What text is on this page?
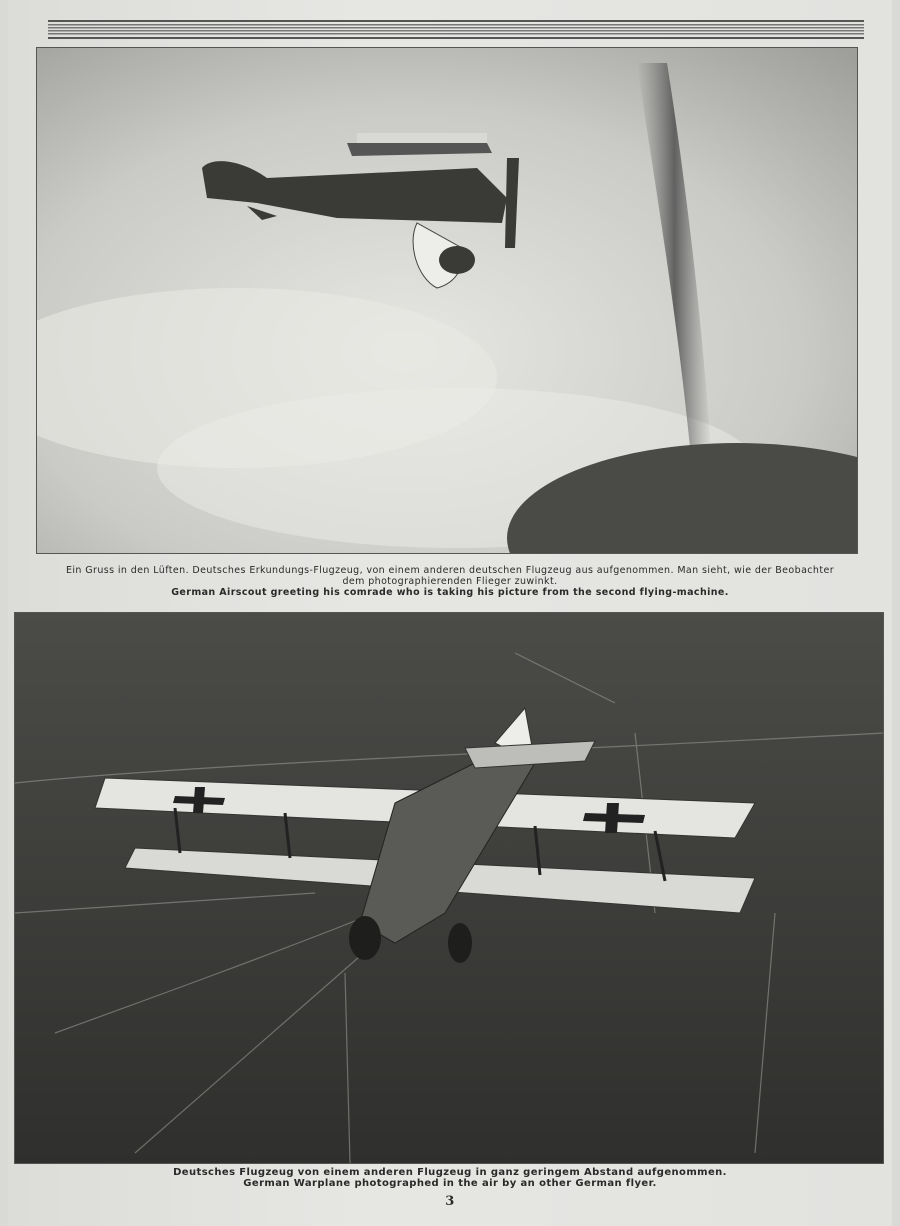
Ein Gruss in den Lüften. Deutsches Erkundungs-Flugzeug, von einem anderen deutschen Flugzeug aus aufgenommen. Man sieht, wie der Beobachter
dem photographierenden Flieger zuwinkt.
German Airscout greeting his comrade who is taking his picture from the second flying-machine.
Deutsches Flugzeug von einem anderen Flugzeug in ganz geringem Abstand aufgenommen.
German Warplane photographed in the air by an other German flyer.
3
